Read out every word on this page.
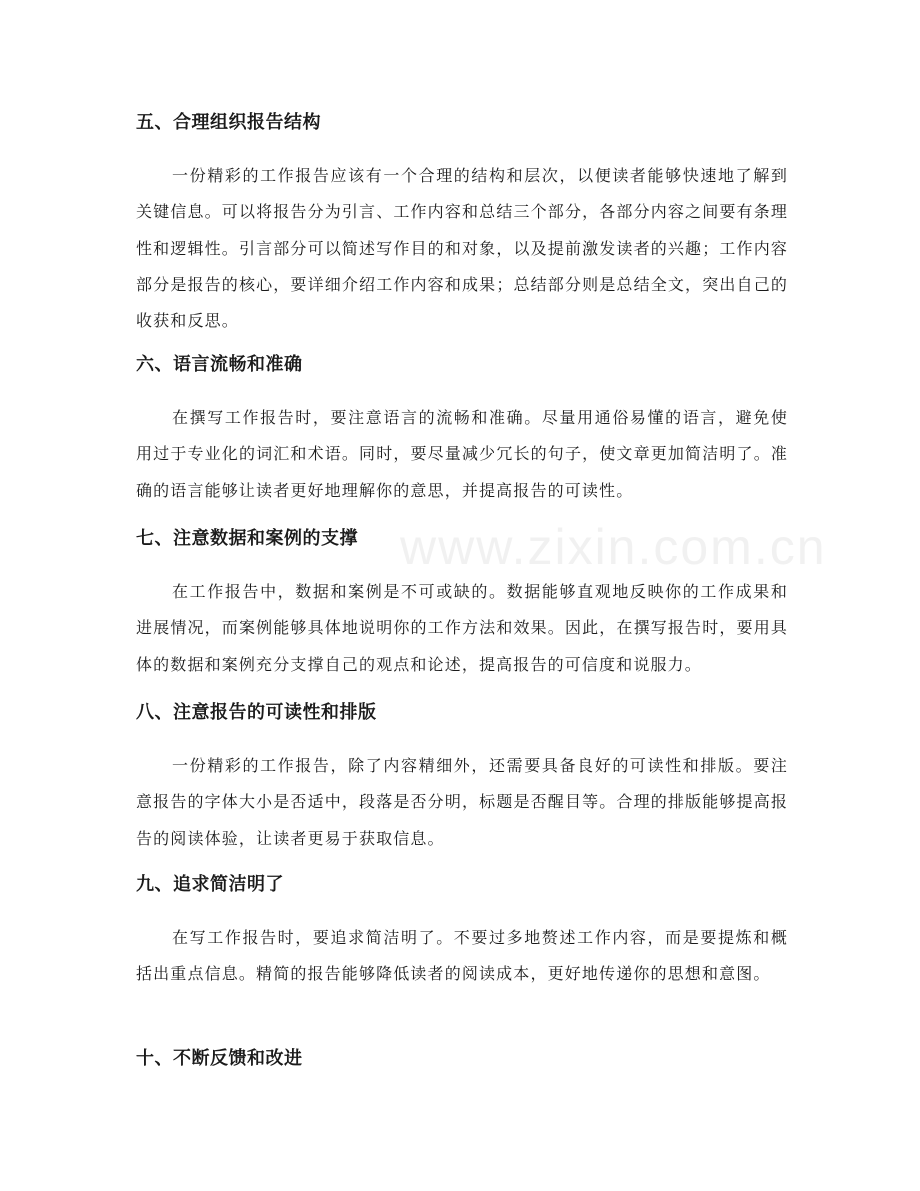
www.zixin.com.cn
五、合理组织报告结构

一份精彩的工作报告应该有一个合理的结构和层次，以便读者能够快速地了解到关键信息。可以将报告分为引言、工作内容和总结三个部分，各部分内容之间要有条理性和逻辑性。引言部分可以简述写作目的和对象，以及提前激发读者的兴趣；工作内容部分是报告的核心，要详细介绍工作内容和成果；总结部分则是总结全文，突出自己的收获和反思。

六、语言流畅和准确

在撰写工作报告时，要注意语言的流畅和准确。尽量用通俗易懂的语言，避免使用过于专业化的词汇和术语。同时，要尽量减少冗长的句子，使文章更加简洁明了。准确的语言能够让读者更好地理解你的意思，并提高报告的可读性。

七、注意数据和案例的支撑

在工作报告中，数据和案例是不可或缺的。数据能够直观地反映你的工作成果和进展情况，而案例能够具体地说明你的工作方法和效果。因此，在撰写报告时，要用具体的数据和案例充分支撑自己的观点和论述，提高报告的可信度和说服力。

八、注意报告的可读性和排版

一份精彩的工作报告，除了内容精细外，还需要具备良好的可读性和排版。要注意报告的字体大小是否适中，段落是否分明，标题是否醒目等。合理的排版能够提高报告的阅读体验，让读者更易于获取信息。

九、追求简洁明了

在写工作报告时，要追求简洁明了。不要过多地赘述工作内容，而是要提炼和概括出重点信息。精简的报告能够降低读者的阅读成本，更好地传递你的思想和意图。

十、不断反馈和改进
